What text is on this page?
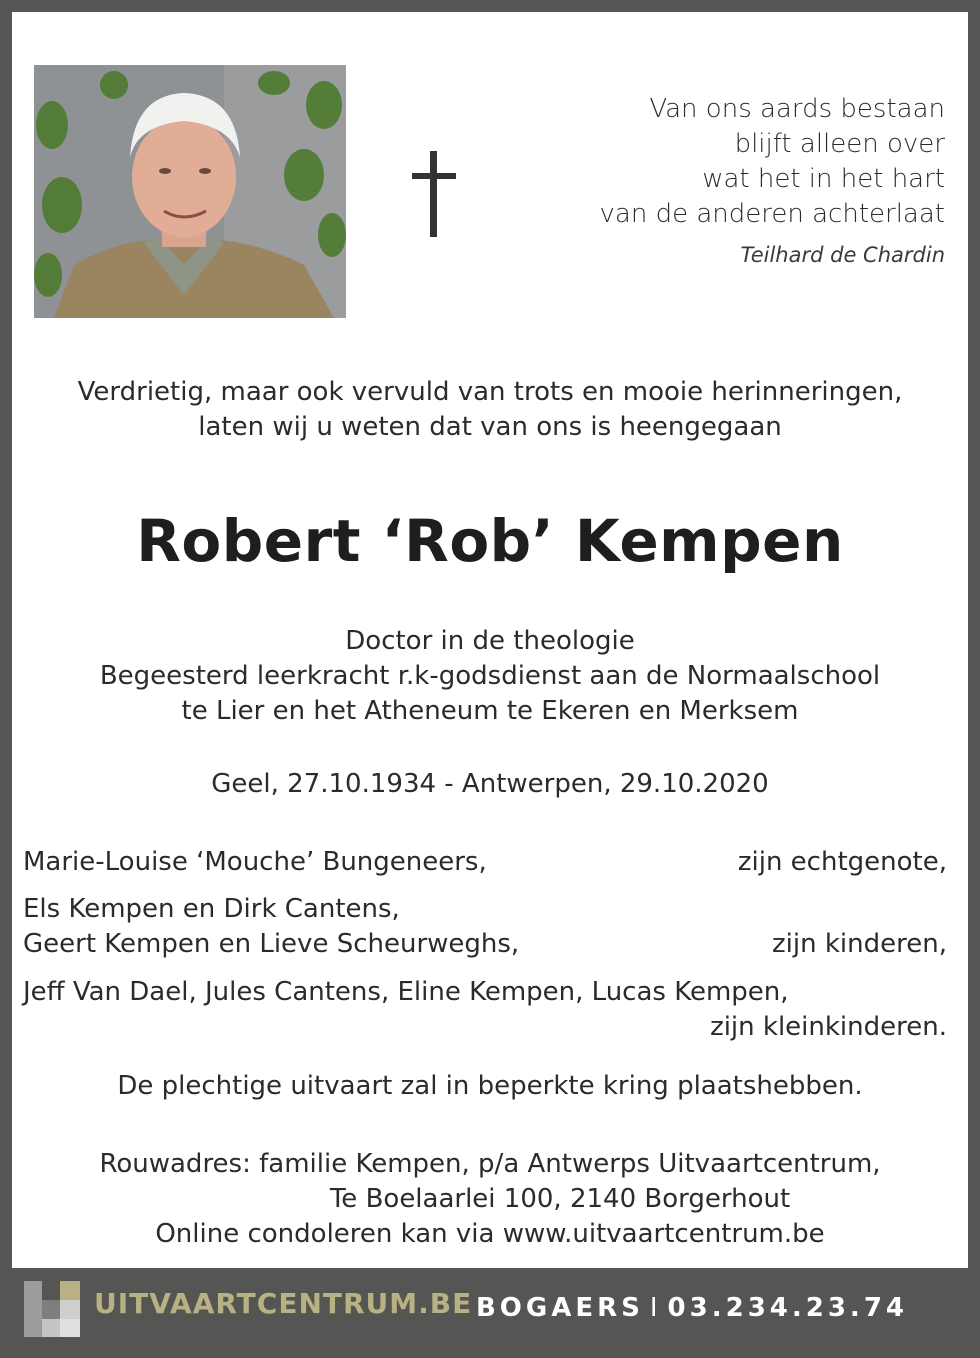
Van ons aards bestaan
blijft alleen over
wat het in het hart
van de anderen achterlaat
Teilhard de Chardin
Verdrietig, maar ook vervuld van trots en mooie herinneringen,
laten wij u weten dat van ons is heengegaan
Robert ‘Rob’ Kempen
Doctor in de theologie
Begeesterd leerkracht r.k-godsdienst aan de Normaalschool
te Lier en het Atheneum te Ekeren en Merksem
Geel, 27.10.1934 - Antwerpen, 29.10.2020
Marie-Louise ‘Mouche’ Bungeneers,	zijn echtgenote,
Els Kempen en Dirk Cantens,
Geert Kempen en Lieve Scheurweghs,	zijn kinderen,
Jeff Van Dael, Jules Cantens, Eline Kempen, Lucas Kempen,
zijn kleinkinderen.
De plechtige uitvaart zal in beperkte kring plaatshebben.
Rouwadres: familie Kempen, p/a Antwerps Uitvaartcentrum,
Te Boelaarlei 100, 2140 Borgerhout
Online condoleren kan via www.uitvaartcentrum.be
UITVAARTCENTRUM.BE BOGAERS I 03.234.23.74
